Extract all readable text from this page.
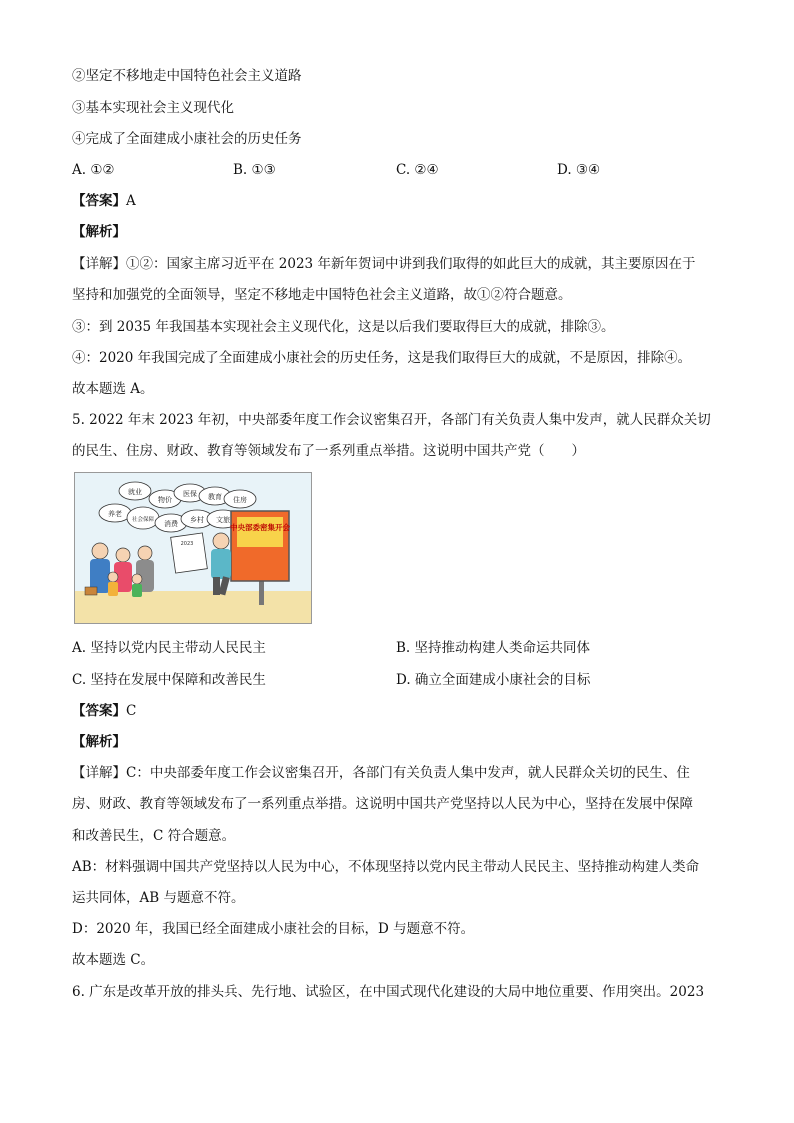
②坚定不移地走中国特色社会主义道路
③基本实现社会主义现代化
④完成了全面建成小康社会的历史任务
A. ①②	B. ①③	C. ②④	D. ③④
【答案】A
【解析】
【详解】①②：国家主席习近平在 2023 年新年贺词中讲到我们取得的如此巨大的成就，其主要原因在于
坚持和加强党的全面领导，坚定不移地走中国特色社会主义道路，故①②符合题意。
③：到 2035 年我国基本实现社会主义现代化，这是以后我们要取得巨大的成就，排除③。
④：2020 年我国完成了全面建成小康社会的历史任务，这是我们取得巨大的成就，不是原因，排除④。
故本题选 A。
5. 2022 年末 2023 年初，中央部委年度工作会议密集召开，各部门有关负责人集中发声，就人民群众关切
的民生、住房、财政、教育等领域发布了一系列重点举措。这说明中国共产党（　　）
就业
物价
医保 教育 住房
养老
社会保障 消费 乡村 文旅
中央部委密集开会
2023
A. 坚持以党内民主带动人民民主	B. 坚持推动构建人类命运共同体
C. 坚持在发展中保障和改善民生	D. 确立全面建成小康社会的目标
【答案】C
【解析】
【详解】C：中央部委年度工作会议密集召开，各部门有关负责人集中发声，就人民群众关切的民生、住
房、财政、教育等领域发布了一系列重点举措。这说明中国共产党坚持以人民为中心，坚持在发展中保障
和改善民生，C 符合题意。
AB：材料强调中国共产党坚持以人民为中心，不体现坚持以党内民主带动人民民主、坚持推动构建人类命
运共同体，AB 与题意不符。
D：2020 年，我国已经全面建成小康社会的目标，D 与题意不符。
故本题选 C。
6. 广东是改革开放的排头兵、先行地、试验区，在中国式现代化建设的大局中地位重要、作用突出。2023
